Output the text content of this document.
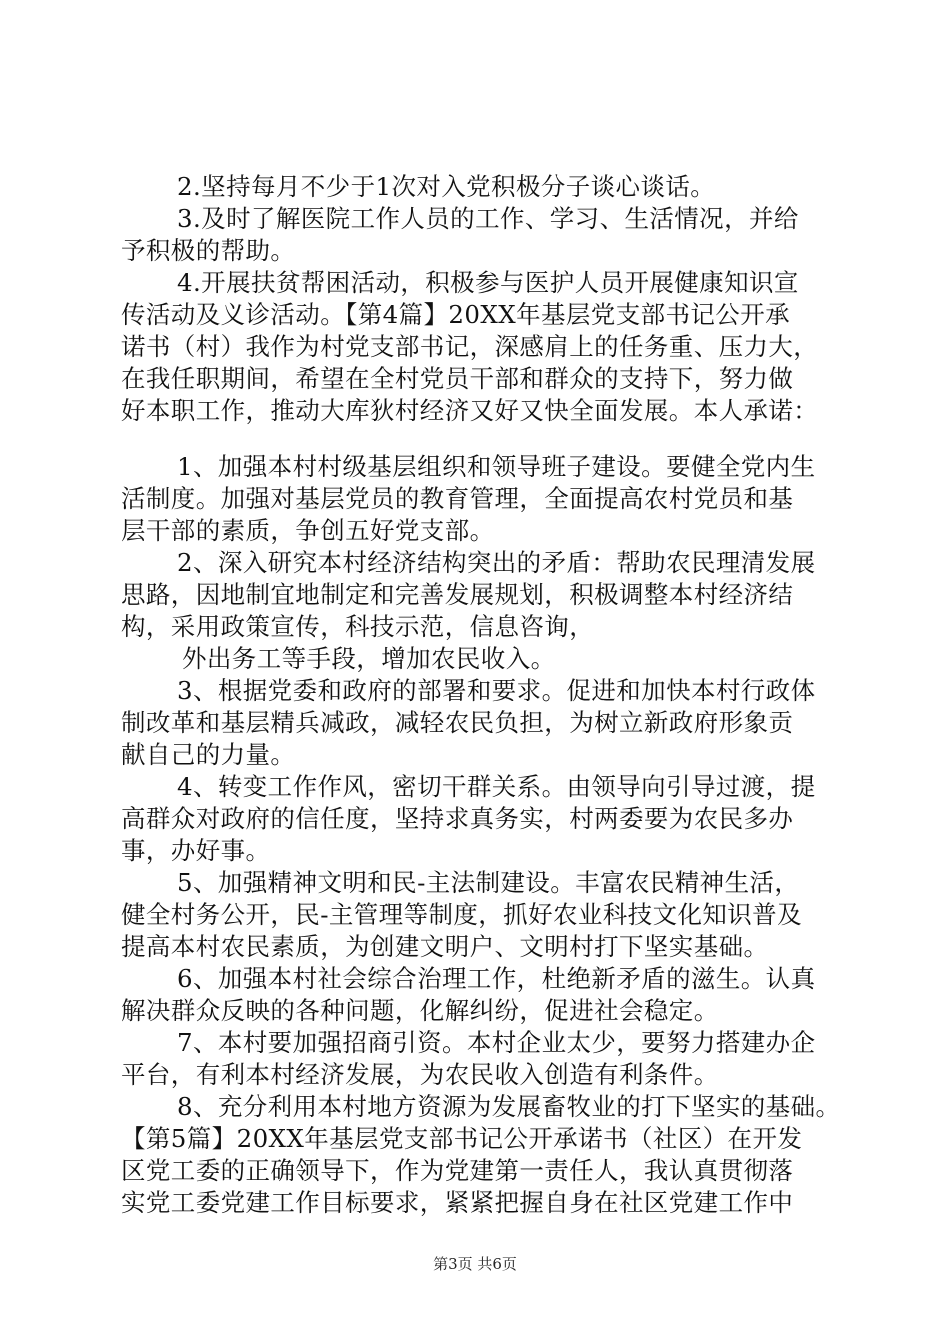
2.坚持每月不少于1次对入党积极分子谈心谈话。
3.及时了解医院工作人员的工作、学习、生活情况，并给
予积极的帮助。
4.开展扶贫帮困活动，积极参与医护人员开展健康知识宣
传活动及义诊活动。【第4篇】20XX年基层党支部书记公开承
诺书（村）我作为村党支部书记，深感肩上的任务重、压力大，
在我任职期间，希望在全村党员干部和群众的支持下，努力做
好本职工作，推动大库狄村经济又好又快全面发展。本人承诺：
1、加强本村村级基层组织和领导班子建设。要健全党内生
活制度。加强对基层党员的教育管理，全面提高农村党员和基
层干部的素质，争创五好党支部。
2、深入研究本村经济结构突出的矛盾：帮助农民理清发展
思路，因地制宜地制定和完善发展规划，积极调整本村经济结
构，采用政策宣传，科技示范，信息咨询，
外出务工等手段，增加农民收入。
3、根据党委和政府的部署和要求。促进和加快本村行政体
制改革和基层精兵减政，减轻农民负担，为树立新政府形象贡
献自己的力量。
4、转变工作作风，密切干群关系。由领导向引导过渡，提
高群众对政府的信任度，坚持求真务实，村两委要为农民多办
事，办好事。
5、加强精神文明和民-主法制建设。丰富农民精神生活，
健全村务公开，民-主管理等制度，抓好农业科技文化知识普及
提高本村农民素质，为创建文明户、文明村打下坚实基础。
6、加强本村社会综合治理工作，杜绝新矛盾的滋生。认真
解决群众反映的各种问题，化解纠纷，促进社会稳定。
7、本村要加强招商引资。本村企业太少，要努力搭建办企
平台，有利本村经济发展，为农民收入创造有利条件。
8、充分利用本村地方资源为发展畜牧业的打下坚实的基础。
【第5篇】20XX年基层党支部书记公开承诺书（社区）在开发
区党工委的正确领导下，作为党建第一责任人，我认真贯彻落
实党工委党建工作目标要求，紧紧把握自身在社区党建工作中
第3页 共6页
